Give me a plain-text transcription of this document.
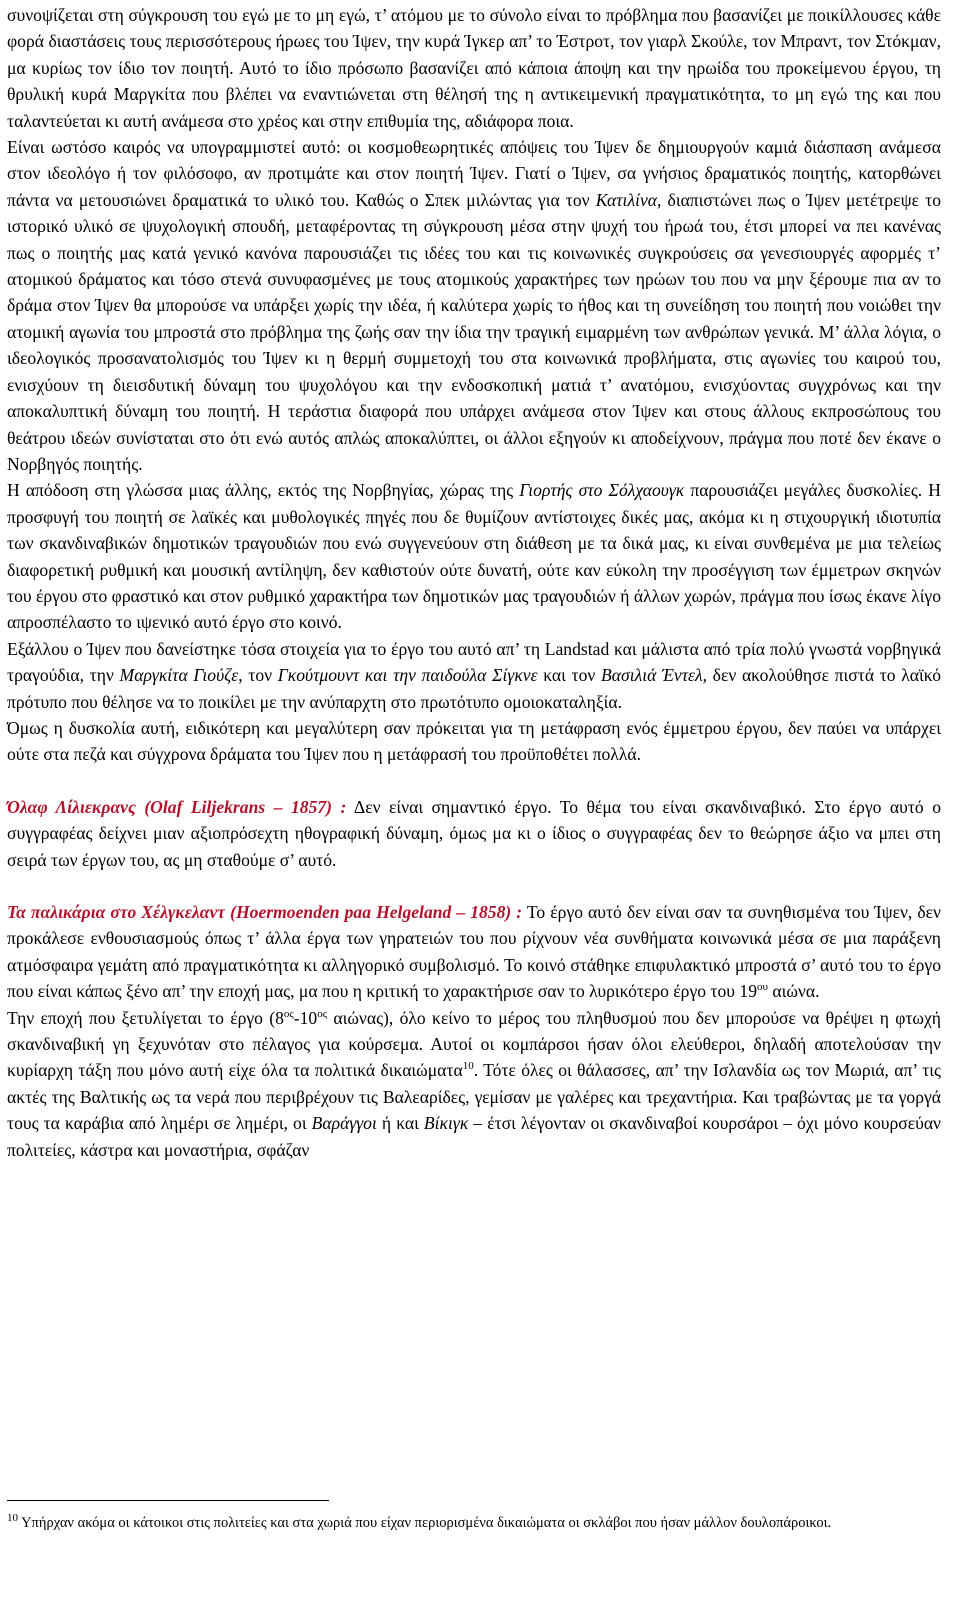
συνοψίζεται στη σύγκρουση του εγώ με το μη εγώ, τ’ ατόμου με το σύνολο είναι το πρόβλημα που βασανίζει με ποικίλλουσες κάθε φορά διαστάσεις τους περισσότερους ήρωες του Ίψεν, την κυρά Ίγκερ απ’ το Έστροτ, τον γιαρλ Σκούλε, τον Μπραντ, τον Στόκμαν, μα κυρίως τον ίδιο τον ποιητή. Αυτό το ίδιο πρόσωπο βασανίζει από κάποια άποψη και την ηρωίδα του προκείμενου έργου, τη θρυλική κυρά Μαργκίτα που βλέπει να εναντιώνεται στη θέλησή της η αντικειμενική πραγματικότητα, το μη εγώ της και που ταλαντεύεται κι αυτή ανάμεσα στο χρέος και στην επιθυμία της, αδιάφορα ποια.

Είναι ωστόσο καιρός να υπογραμμιστεί αυτό: οι κοσμοθεωρητικές απόψεις του Ίψεν δε δημιουργούν καμιά διάσπαση ανάμεσα στον ιδεολόγο ή τον φιλόσοφο, αν προτιμάτε και στον ποιητή Ίψεν. Γιατί ο Ίψεν, σα γνήσιος δραματικός ποιητής, κατορθώνει πάντα να μετουσιώνει δραματικά το υλικό του. Καθώς ο Σπεκ μιλώντας για τον Κατιλίνα, διαπιστώνει πως ο Ίψεν μετέτρεψε το ιστορικό υλικό σε ψυχολογική σπουδή, μεταφέροντας τη σύγκρουση μέσα στην ψυχή του ήρωά του, έτσι μπορεί να πει κανένας πως ο ποιητής μας κατά γενικό κανόνα παρουσιάζει τις ιδέες του και τις κοινωνικές συγκρούσεις σα γενεσιουργές αφορμές τ’ ατομικού δράματος και τόσο στενά συνυφασμένες με τους ατομικούς χαρακτήρες των ηρώων του που να μην ξέρουμε πια αν το δράμα στον Ίψεν θα μπορούσε να υπάρξει χωρίς την ιδέα, ή καλύτερα χωρίς το ήθος και τη συνείδηση του ποιητή που νοιώθει την ατομική αγωνία του μπροστά στο πρόβλημα της ζωής σαν την ίδια την τραγική ειμαρμένη των ανθρώπων γενικά. Μ’ άλλα λόγια, ο ιδεολογικός προσανατολισμός του Ίψεν κι η θερμή συμμετοχή του στα κοινωνικά προβλήματα, στις αγωνίες του καιρού του, ενισχύουν τη διεισδυτική δύναμη του ψυχολόγου και την ενδοσκοπική ματιά τ’ ανατόμου, ενισχύοντας συγχρόνως και την αποκαλυπτική δύναμη του ποιητή. Η τεράστια διαφορά που υπάρχει ανάμεσα στον Ίψεν και στους άλλους εκπροσώπους του θεάτρου ιδεών συνίσταται στο ότι ενώ αυτός απλώς αποκαλύπτει, οι άλλοι εξηγούν κι αποδείχνουν, πράγμα που ποτέ δεν έκανε ο Νορβηγός ποιητής.

Η απόδοση στη γλώσσα μιας άλλης, εκτός της Νορβηγίας, χώρας της Γιορτής στο Σόλχαουγκ παρουσιάζει μεγάλες δυσκολίες. Η προσφυγή του ποιητή σε λαϊκές και μυθολογικές πηγές που δε θυμίζουν αντίστοιχες δικές μας, ακόμα κι η στιχουργική ιδιοτυπία των σκανδιναβικών δημοτικών τραγουδιών που ενώ συγγενεύουν στη διάθεση με τα δικά μας, κι είναι συνθεμένα με μια τελείως διαφορετική ρυθμική και μουσική αντίληψη, δεν καθιστούν ούτε δυνατή, ούτε καν εύκολη την προσέγγιση των έμμετρων σκηνών του έργου στο φραστικό και στον ρυθμικό χαρακτήρα των δημοτικών μας τραγουδιών ή άλλων χωρών, πράγμα που ίσως έκανε λίγο απροσπέλαστο το ιψενικό αυτό έργο στο κοινό.

Εξάλλου ο Ίψεν που δανείστηκε τόσα στοιχεία για το έργο του αυτό απ’ τη Landstad και μάλιστα από τρία πολύ γνωστά νορβηγικά τραγούδια, την Μαργκίτα Γιούζε, τον Γκούτμουντ και την παιδούλα Σίγκνε και τον Βασιλιά Έντελ, δεν ακολούθησε πιστά το λαϊκό πρότυπο που θέλησε να το ποικίλει με την ανύπαρχτη στο πρωτότυπο ομοιοκαταληξία.

Όμως η δυσκολία αυτή, ειδικότερη και μεγαλύτερη σαν πρόκειται για τη μετάφραση ενός έμμετρου έργου, δεν παύει να υπάρχει ούτε στα πεζά και σύγχρονα δράματα του Ίψεν που η μετάφρασή του προϋποθέτει πολλά.

Όλαφ Λίλιεκρανς (Olaf Liljekrans – 1857) : Δεν είναι σημαντικό έργο. Το θέμα του είναι σκανδιναβικό. Στο έργο αυτό ο συγγραφέας δείχνει μιαν αξιοπρόσεχτη ηθογραφική δύναμη, όμως μα κι ο ίδιος ο συγγραφέας δεν το θεώρησε άξιο να μπει στη σειρά των έργων του, ας μη σταθούμε σ’ αυτό.

Τα παλικάρια στο Χέλγκελαντ (Hoermoenden paa Helgeland – 1858) : Το έργο αυτό δεν είναι σαν τα συνηθισμένα του Ίψεν, δεν προκάλεσε ενθουσιασμούς όπως τ’ άλλα έργα των γηρατειών του που ρίχνουν νέα συνθήματα κοινωνικά μέσα σε μια παράξενη ατμόσφαιρα γεμάτη από πραγματικότητα κι αλληγορικό συμβολισμό. Το κοινό στάθηκε επιφυλακτικό μπροστά σ’ αυτό του το έργο που είναι κάπως ξένο απ’ την εποχή μας, μα που η κριτική το χαρακτήρισε σαν το λυρικότερο έργο του $19^{o\upsilon}$ αιώνα.

Την εποχή που ξετυλίγεται το έργο ($8^{o\varsigma}-10^{o\varsigma}$ αιώνας), όλο κείνο το μέρος του πληθυσμού που δεν μπορούσε να θρέψει η φτωχή σκανδιναβική γη ξεχυνόταν στο πέλαγος για κούρσεμα. Αυτοί οι κομπάρσοι ήσαν όλοι ελεύθεροι, δηλαδή αποτελούσαν την κυρίαρχη τάξη που μόνο αυτή είχε όλα τα πολιτικά δικαιώματα$^{10}$. Τότε όλες οι θάλασσες, απ’ την Ισλανδία ως τον Μωριά, απ’ τις ακτές της Βαλτικής ως τα νερά που περιβρέχουν τις Βαλεαρίδες, γεμίσαν με γαλέρες και τρεχαντήρια. Και τραβώντας με τα γοργά τους τα καράβια από λημέρι σε λημέρι, οι Βαράγγοι ή και Βίκιγκ – έτσι λέγονταν οι σκανδιναβοί κουρσάροι – όχι μόνο κουρσεύαν πολιτείες, κάστρα και μοναστήρια, σφάζαν

$^{10}$ Υπήρχαν ακόμα οι κάτοικοι στις πολιτείες και στα χωριά που είχαν περιορισμένα δικαιώματα οι σκλάβοι που ήσαν μάλλον δουλοπάροικοι.
